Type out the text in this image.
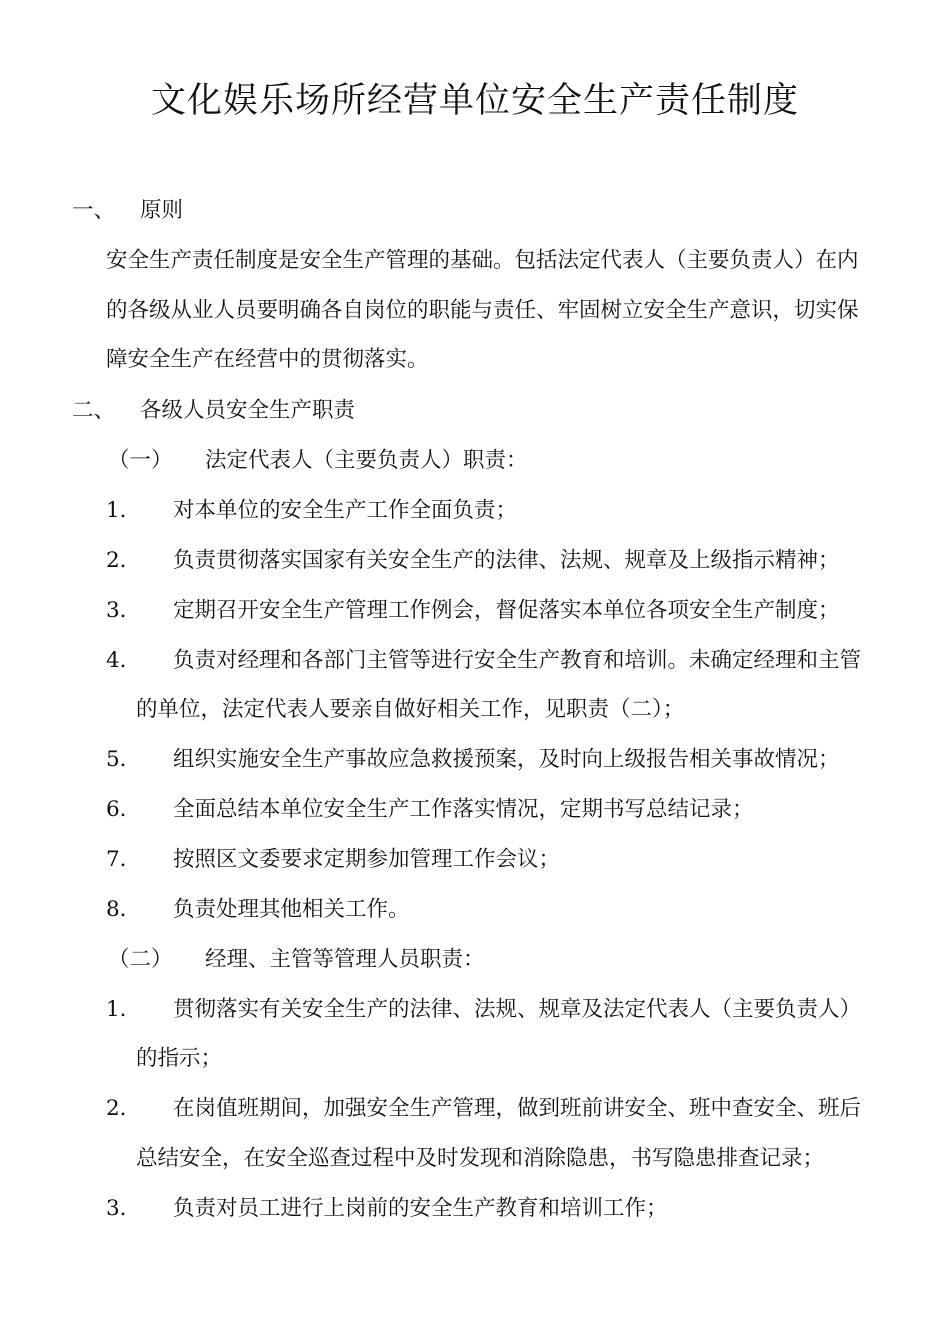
文化娱乐场所经营单位安全生产责任制度
一、 原则
安全生产责任制度是安全生产管理的基础。包括法定代表人（主要负责人）在内
的各级从业人员要明确各自岗位的职能与责任、牢固树立安全生产意识，切实保
障安全生产在经营中的贯彻落实。
二、 各级人员安全生产职责
（一） 法定代表人（主要负责人）职责：
1． 对本单位的安全生产工作全面负责；
2． 负责贯彻落实国家有关安全生产的法律、法规、规章及上级指示精神；
3． 定期召开安全生产管理工作例会，督促落实本单位各项安全生产制度；
4． 负责对经理和各部门主管等进行安全生产教育和培训。未确定经理和主管
的单位，法定代表人要亲自做好相关工作，见职责（二）；
5． 组织实施安全生产事故应急救援预案，及时向上级报告相关事故情况；
6． 全面总结本单位安全生产工作落实情况，定期书写总结记录；
7． 按照区文委要求定期参加管理工作会议；
8． 负责处理其他相关工作。
（二） 经理、主管等管理人员职责：
1． 贯彻落实有关安全生产的法律、法规、规章及法定代表人（主要负责人）
的指示；
2． 在岗值班期间，加强安全生产管理，做到班前讲安全、班中查安全、班后
总结安全，在安全巡查过程中及时发现和消除隐患，书写隐患排查记录；
3． 负责对员工进行上岗前的安全生产教育和培训工作；
